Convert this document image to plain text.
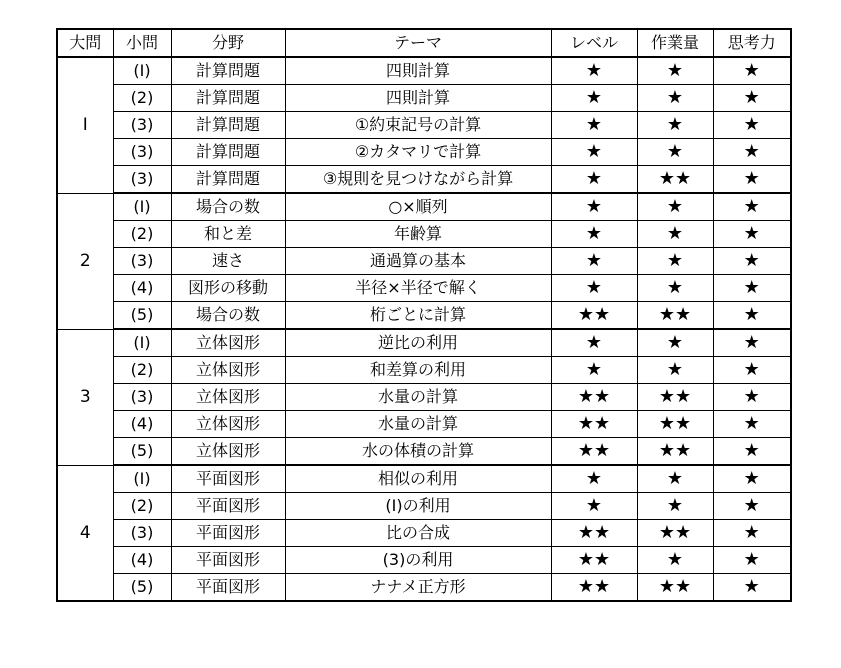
大問	小問	分野	テーマ	レベル	作業量	思考力
Ⅰ	(Ⅰ)	計算問題	四則計算	★	★	★
	(2)	計算問題	四則計算	★	★	★
	(3)	計算問題	①約束記号の計算	★	★	★
	(3)	計算問題	②カタマリで計算	★	★	★
	(3)	計算問題	③規則を見つけながら計算	★	★★	★
2	(Ⅰ)	場合の数	○×順列	★	★	★
	(2)	和と差	年齢算	★	★	★
	(3)	速さ	通過算の基本	★	★	★
	(4)	図形の移動	半径×半径で解く	★	★	★
	(5)	場合の数	桁ごとに計算	★★	★★	★
3	(Ⅰ)	立体図形	逆比の利用	★	★	★
	(2)	立体図形	和差算の利用	★	★	★
	(3)	立体図形	水量の計算	★★	★★	★
	(4)	立体図形	水量の計算	★★	★★	★
	(5)	立体図形	水の体積の計算	★★	★★	★
4	(Ⅰ)	平面図形	相似の利用	★	★	★
	(2)	平面図形	(Ⅰ)の利用	★	★	★
	(3)	平面図形	比の合成	★★	★★	★
	(4)	平面図形	(3)の利用	★★	★	★
	(5)	平面図形	ナナメ正方形	★★	★★	★
